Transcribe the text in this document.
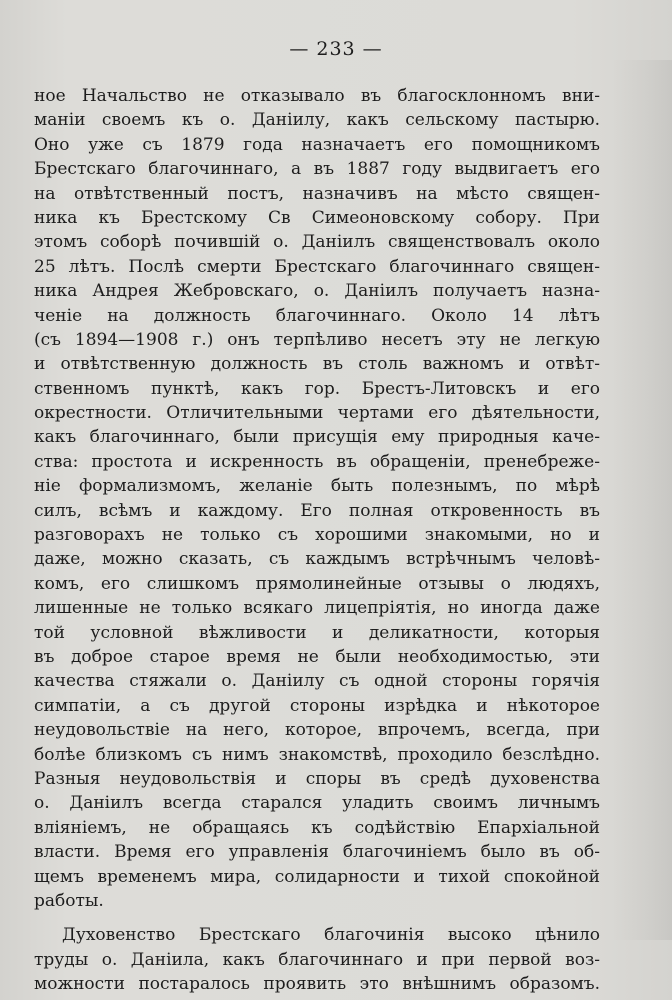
— 233 —
ное Начальство не отказывало въ благосклонномъ вни-
маніи своемъ къ о. Даніилу, какъ сельскому пастырю.
Оно уже съ 1879 года назначаетъ его помощникомъ
Брестскаго благочиннаго, а въ 1887 году выдвигаетъ его
на отвѣтственный постъ, назначивъ на мѣсто священ-
ника къ Брестскому Св Симеоновскому собору. При
этомъ соборѣ почившій о. Даніилъ священствовалъ около
25 лѣтъ. Послѣ смерти Брестскаго благочиннаго священ-
ника Андрея Жебровскаго, о. Даніилъ получаетъ назна-
ченіе на должность благочиннаго. Около 14 лѣтъ
(съ 1894—1908 г.) онъ терпѣливо несетъ эту не легкую
и отвѣтственную должность въ столь важномъ и отвѣт-
ственномъ пунктѣ, какъ гор. Брестъ-Литовскъ и его
окрестности. Отличительными чертами его дѣятельности,
какъ благочиннаго, были присущія ему природныя каче-
ства: простота и искренность въ обращеніи, пренебреже-
ніе формализмомъ, желаніе быть полезнымъ, по мѣрѣ
силъ, всѣмъ и каждому. Его полная откровенность въ
разговорахъ не только съ хорошими знакомыми, но и
даже, можно сказать, съ каждымъ встрѣчнымъ человѣ-
комъ, его слишкомъ прямолинейные отзывы о людяхъ,
лишенные не только всякаго лицепріятія, но иногда даже
той условной вѣжливости и деликатности, которыя
въ доброе старое время не были необходимостью, эти
качества стяжали о. Даніилу съ одной стороны горячія
симпатіи, а съ другой стороны изрѣдка и нѣкоторое
неудовольствіе на него, которое, впрочемъ, всегда, при
болѣе близкомъ съ нимъ знакомствѣ, проходило безслѣдно.
Разныя неудовольствія и споры въ средѣ духовенства
о. Даніилъ всегда старался уладить своимъ личнымъ
вліяніемъ, не обращаясь къ содѣйствію Епархіальной
власти. Время его управленія благочиніемъ было въ об-
щемъ временемъ мира, солидарности и тихой спокойной
работы.
Духовенство Брестскаго благочинія высоко цѣнило
труды о. Даніила, какъ благочиннаго и при первой воз-
можности постаралось проявить это внѣшнимъ образомъ.
